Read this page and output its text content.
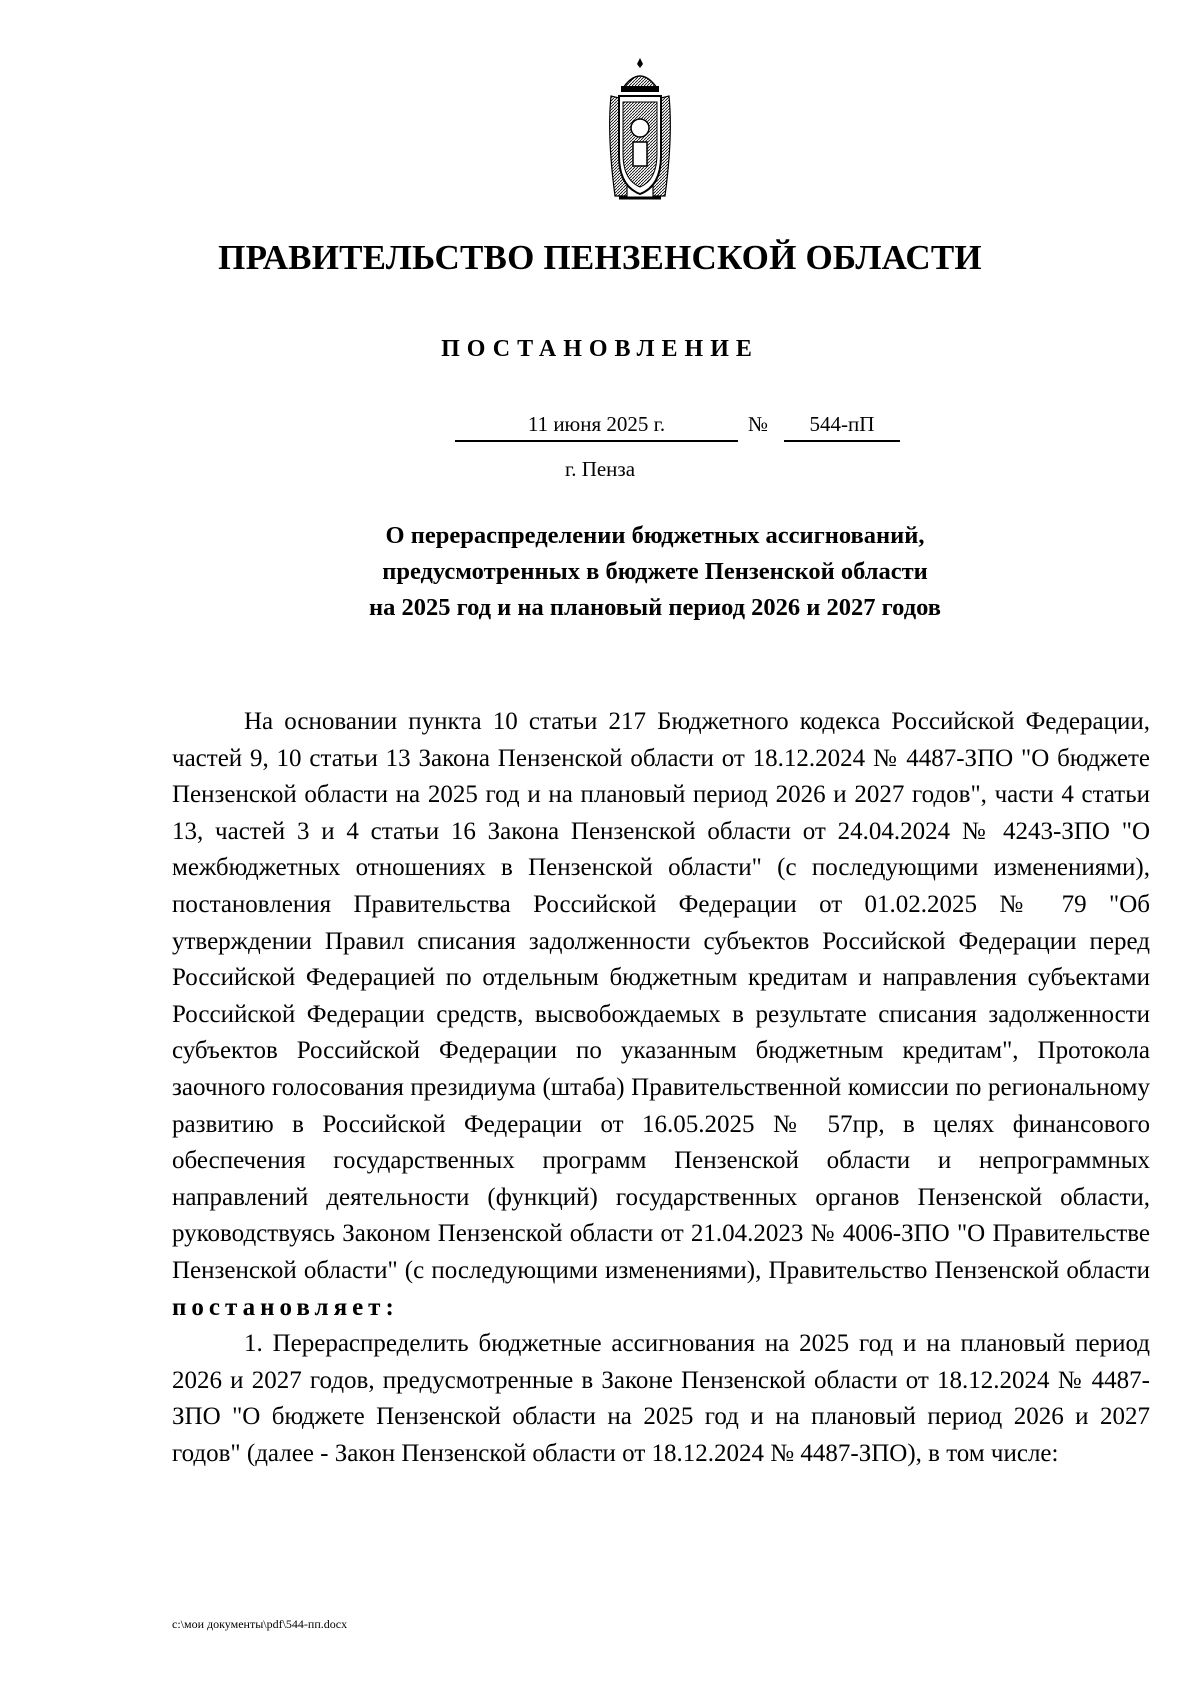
ПРАВИТЕЛЬСТВО ПЕНЗЕНСКОЙ ОБЛАСТИ
ПОСТАНОВЛЕНИЕ
11 июня 2025 г.	№	544-пП
г. Пенза
О перераспределении бюджетных ассигнований,
предусмотренных в бюджете Пензенской области
на 2025 год и на плановый период 2026 и 2027 годов

На основании пункта 10 статьи 217 Бюджетного кодекса Российской Федерации, частей 9, 10 статьи 13 Закона Пензенской области от 18.12.2024 № 4487-ЗПО "О бюджете Пензенской области на 2025 год и на плановый период 2026 и 2027 годов", части 4 статьи 13, частей 3 и 4 статьи 16 Закона Пензенской области от 24.04.2024 № 4243-ЗПО "О межбюджетных отношениях в Пензенской области" (с последующими изменениями), постановления Правительства Российской Федерации от 01.02.2025 № 79 "Об утверждении Правил списания задолженности субъектов Российской Федерации перед Российской Федерацией по отдельным бюджетным кредитам и направления субъектами Российской Федерации средств, высвобождаемых в результате списания задолженности субъектов Российской Федерации по указанным бюджетным кредитам", Протокола заочного голосования президиума (штаба) Правительственной комиссии по региональному развитию в Российской Федерации от 16.05.2025 № 57пр, в целях финансового обеспечения государственных программ Пензенской области и непрограммных направлений деятельности (функций) государственных органов Пензенской области, руководствуясь Законом Пензенской области от 21.04.2023 № 4006-ЗПО "О Правительстве Пензенской области" (с последующими изменениями), Правительство Пензенской области постановляет:

1. Перераспределить бюджетные ассигнования на 2025 год и на плановый период 2026 и 2027 годов, предусмотренные в Законе Пензенской области от 18.12.2024 № 4487-ЗПО "О бюджете Пензенской области на 2025 год и на плановый период 2026 и 2027 годов" (далее - Закон Пензенской области от 18.12.2024 № 4487-ЗПО), в том числе:

c:\мои документы\pdf\544-пп.docx
